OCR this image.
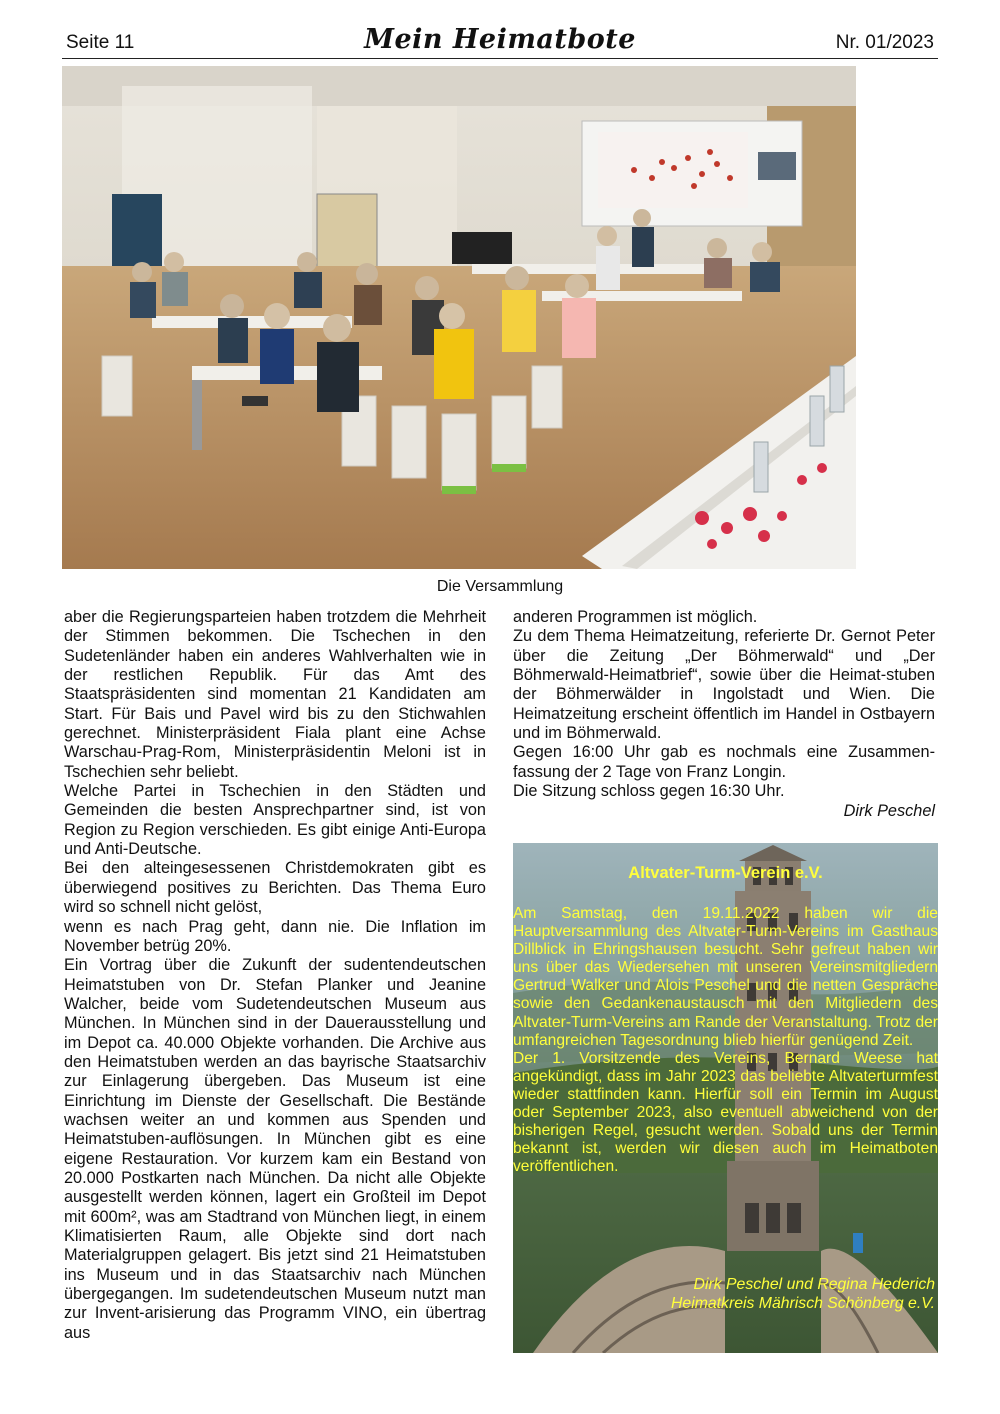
Seite 11	Mein Heimatbote	Nr. 01/2023
Die Versammlung

aber die Regierungsparteien haben trotzdem die Mehrheit der Stimmen bekommen. Die Tschechen in den Sudetenländer haben ein anderes Wahlverhalten wie in der restlichen Republik. Für das Amt des Staatspräsidenten sind momentan 21 Kandidaten am Start. Für Bais und Pavel wird bis zu den Stichwahlen gerechnet. Ministerpräsident Fiala plant eine Achse Warschau-Prag-Rom, Ministerpräsidentin Meloni ist in Tschechien sehr beliebt.

Welche Partei in Tschechien in den Städten und Gemeinden die besten Ansprechpartner sind, ist von Region zu Region verschieden. Es gibt einige Anti-Europa und Anti-Deutsche.

Bei den alteingesessenen Christdemokraten gibt es überwiegend positives zu Berichten. Das Thema Euro wird so schnell nicht gelöst,

wenn es nach Prag geht, dann nie. Die Inflation im November betrüg 20%.

Ein Vortrag über die Zukunft der sudentendeutschen Heimatstuben von Dr. Stefan Planker und Jeanine Walcher, beide vom Sudetendeutschen Museum aus München. In München sind in der Dauerausstellung und im Depot ca. 40.000 Objekte vorhanden. Die Archive aus den Heimatstuben werden an das bayrische Staatsarchiv zur Einlagerung übergeben. Das Museum ist eine Einrichtung im Dienste der Gesellschaft. Die Bestände wachsen weiter an und kommen aus Spenden und Heimatstuben-auflösungen. In München gibt es eine eigene Restauration. Vor kurzem kam ein Bestand von 20.000 Postkarten nach München. Da nicht alle Objekte ausgestellt werden können, lagert ein Großteil im Depot mit 600m², was am Stadtrand von München liegt, in einem Klimatisierten Raum, alle Objekte sind dort nach Materialgruppen gelagert. Bis jetzt sind 21 Heimatstuben ins Museum und in das Staatsarchiv nach München übergegangen. Im sudetendeutschen Museum nutzt man zur Invent-arisierung das Programm VINO, ein übertrag aus

anderen Programmen ist möglich.

Zu dem Thema Heimatzeitung, referierte Dr. Gernot Peter über die Zeitung „Der Böhmerwald“ und „Der Böhmerwald-Heimatbrief“, sowie über die Heimat-stuben der Böhmerwälder in Ingolstadt und Wien. Die Heimatzeitung erscheint öffentlich im Handel in Ostbayern und im Böhmerwald.

Gegen 16:00 Uhr gab es nochmals eine Zusammen-fassung der 2 Tage von Franz Longin.

Die Sitzung schloss gegen 16:30 Uhr.

Dirk Peschel

Altvater-Turm-Verein e.V.

Am Samstag, den 19.11.2022 haben wir die Hauptversammlung des Altvater-Turm-Vereins im Gasthaus Dillblick in Ehringshausen besucht. Sehr gefreut haben wir uns über das Wiedersehen mit unseren Vereinsmitgliedern Gertrud Walker und Alois Peschel und die netten Gespräche sowie den Gedankenaustausch mit den Mitgliedern des Altvater-Turm-Vereins am Rande der Veranstaltung. Trotz der umfangreichen Tagesordnung blieb hierfür genügend Zeit.

Der 1. Vorsitzende des Vereins, Bernard Weese hat angekündigt, dass im Jahr 2023 das beliebte Altvaterturmfest wieder stattfinden kann. Hierfür soll ein Termin im August oder September 2023, also eventuell abweichend von der bisherigen Regel, gesucht werden. Sobald uns der Termin bekannt ist, werden wir diesen auch im Heimatboten veröffentlichen.

Dirk Peschel und Regina Hederich
Heimatkreis Mährisch Schönberg e.V.
